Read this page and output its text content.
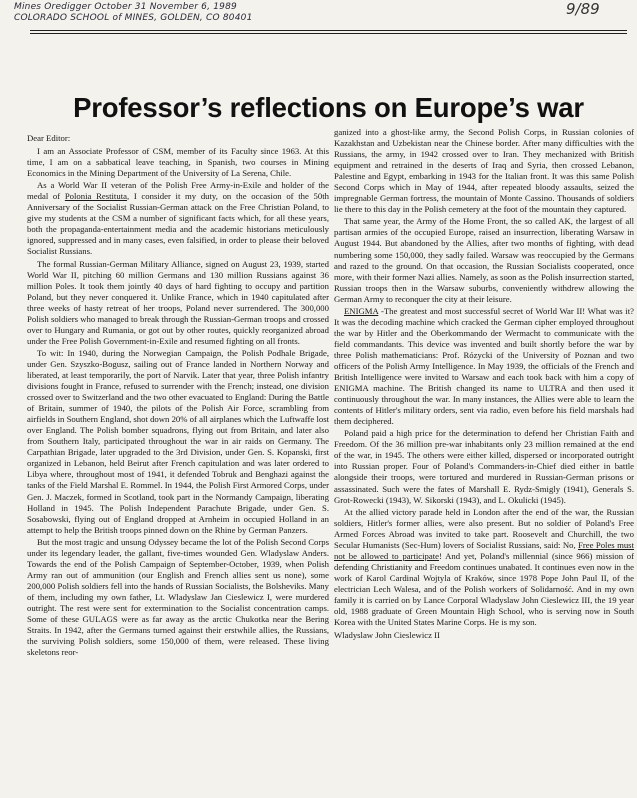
Mines Oredigger October 31 November 6, 1989
COLORADO SCHOOL of MINES, GOLDEN, CO 80401	9/89
Professor’s reflections on Europe’s war

Dear Editor:

I am an Associate Professor of CSM, member of its Faculty since 1963. At this time, I am on a sabbatical leave teaching, in Spanish, two courses in Mining Economics in the Mining Department of the University of La Serena, Chile.

As a World War II veteran of the Polish Free Army-in-Exile and holder of the medal of Polonia Restituta, I consider it my duty, on the occasion of the 50th Anniversary of the Socialist Russian-German attack on the Free Christian Poland, to give my students at the CSM a number of significant facts which, for all these years, both the propaganda-entertainment media and the academic historians meticulously ignored, suppressed and in many cases, even falsified, in order to please their beloved Socialist Russians.

The formal Russian-German Military Alliance, signed on August 23, 1939, started World War II, pitching 60 million Germans and 130 million Russians against 36 million Poles. It took them jointly 40 days of hard fighting to occupy and partition Poland, but they never conquered it. Unlike France, which in 1940 capitulated after three weeks of hasty retreat of her troops, Poland never surrendered. The 300,000 Polish soldiers who managed to break through the Russian-German troops and crossed over to Hungary and Rumania, or got out by other routes, quickly reorganized abroad under the Free Polish Government-in-Exile and resumed fighting on all fronts.

To wit: In 1940, during the Norwegian Campaign, the Polish Podhale Brigade, under Gen. Szyszko-Bogusz, sailing out of France landed in Northern Norway and liberated, at least temporarily, the port of Narvik. Later that year, three Polish infantry divisions fought in France, refused to surrender with the French; instead, one division crossed over to Switzerland and the two other evacuated to England: During the Battle of Britain, summer of 1940, the pilots of the Polish Air Force, scrambling from airfields in Southern England, shot down 20% of all airplanes which the Luftwaffe lost over England. The Polish bomber squadrons, flying out from Britain, and later also from Southern Italy, participated throughout the war in air raids on Germany. The Carpathian Brigade, later upgraded to the 3rd Division, under Gen. S. Kopanski, first organized in Lebanon, held Beirut after French capitulation and was later ordered to Libya where, throughout most of 1941, it defended Tobruk and Benghazi against the tanks of the Field Marshal E. Rommel. In 1944, the Polish First Armored Corps, under Gen. J. Maczek, formed in Scotland, took part in the Normandy Campaign, liberating Holland in 1945. The Polish Independent Parachute Brigade, under Gen. S. Sosabowski, flying out of England dropped at Arnheim in occupied Holland in an attempt to help the British troops pinned down on the Rhine by German Panzers.

But the most tragic and unsung Odyssey became the lot of the Polish Second Corps under its legendary leader, the gallant, five-times wounded Gen. Wladyslaw Anders. Towards the end of the Polish Campaign of September-October, 1939, when Polish Army ran out of ammunition (our English and French allies sent us none), some 200,000 Polish soldiers fell into the hands of Russian Socialists, the Bolsheviks. Many of them, including my own father, Lt. Wladyslaw Jan Cieslewicz I, were murdered outright. The rest were sent for extermination to the Socialist concentration camps. Some of these GULAGS were as far away as the arctic Chukotka near the Bering Straits. In 1942, after the Germans turned against their erstwhile allies, the Russians, the surviving Polish soldiers, some 150,000 of them, were released. These living skeletons reor-

ganized into a ghost-like army, the Second Polish Corps, in Russian colonies of Kazakhstan and Uzbekistan near the Chinese border. After many difficulties with the Russians, the army, in 1942 crossed over to Iran. They mechanized with British equipment and retrained in the deserts of Iraq and Syria, then crossed Lebanon, Palestine and Egypt, embarking in 1943 for the Italian front. It was this same Polish Second Corps which in May of 1944, after repeated bloody assaults, seized the impregnable German fortress, the mountain of Monte Cassino. Thousands of soldiers lie there to this day in the Polish cemetery at the foot of the mountain they captured.

That same year, the Army of the Home Front, the so called AK, the largest of all partisan armies of the occupied Europe, raised an insurrection, liberating Warsaw in August 1944. But abandoned by the Allies, after two months of fighting, with dead numbering some 150,000, they sadly failed. Warsaw was reoccupied by the Germans and razed to the ground. On that occasion, the Russian Socialists cooperated, once more, with their former Nazi allies. Namely, as soon as the Polish insurrection started, Russian troops then in the Warsaw suburbs, conveniently withdrew allowing the German Army to reconquer the city at their leisure.

ENIGMA -The greatest and most successful secret of World War II! What was it? It was the decoding machine which cracked the German cipher employed throughout the war by Hitler and the Oberkommando der Wermacht to communicate with the field commandants. This device was invented and built shortly before the war by three Polish mathematicians: Prof. Rózycki of the University of Poznan and two officers of the Polish Army Intelligence. In May 1939, the officials of the French and British Intelligence were invited to Warsaw and each took back with him a copy of ENIGMA machine. The British changed its name to ULTRA and then used it continuously throughout the war. In many instances, the Allies were able to learn the contents of Hitler's military orders, sent via radio, even before his field marshals had them deciphered.

Poland paid a high price for the determination to defend her Christian Faith and Freedom. Of the 36 million pre-war inhabitants only 23 million remained at the end of the war, in 1945. The others were either killed, dispersed or incorporated outright into Russian proper. Four of Poland's Commanders-in-Chief died either in battle alongside their troops, were tortured and murdered in Russian-German prisons or assassinated. Such were the fates of Marshall E. Rydz-Smigly (1941), Generals S. Grot-Rowecki (1943), W. Sikorski (1943), and L. Okulicki (1945).

At the allied victory parade held in London after the end of the war, the Russian soldiers, Hitler's former allies, were also present. But no soldier of Poland's Free Armed Forces Abroad was invited to take part. Roosevelt and Churchill, the two Secular Humanists (Sec-Hum) lovers of Socialist Russians, said: No, Free Poles must not be allowed to participate! And yet, Poland's millennial (since 966) mission of defending Christianity and Freedom continues unabated. It continues even now in the work of Karol Cardinal Wojtyla of Kraków, since 1978 Pope John Paul II, of the electrician Lech Walesa, and of the Polish workers of Solidarność. And in my own family it is carried on by Lance Corporal Wladyslaw John Cieslewicz III, the 19 year old, 1988 graduate of Green Mountain High School, who is serving now in South Korea with the United States Marine Corps. He is my son.

Wladyslaw John Cieslewicz II
